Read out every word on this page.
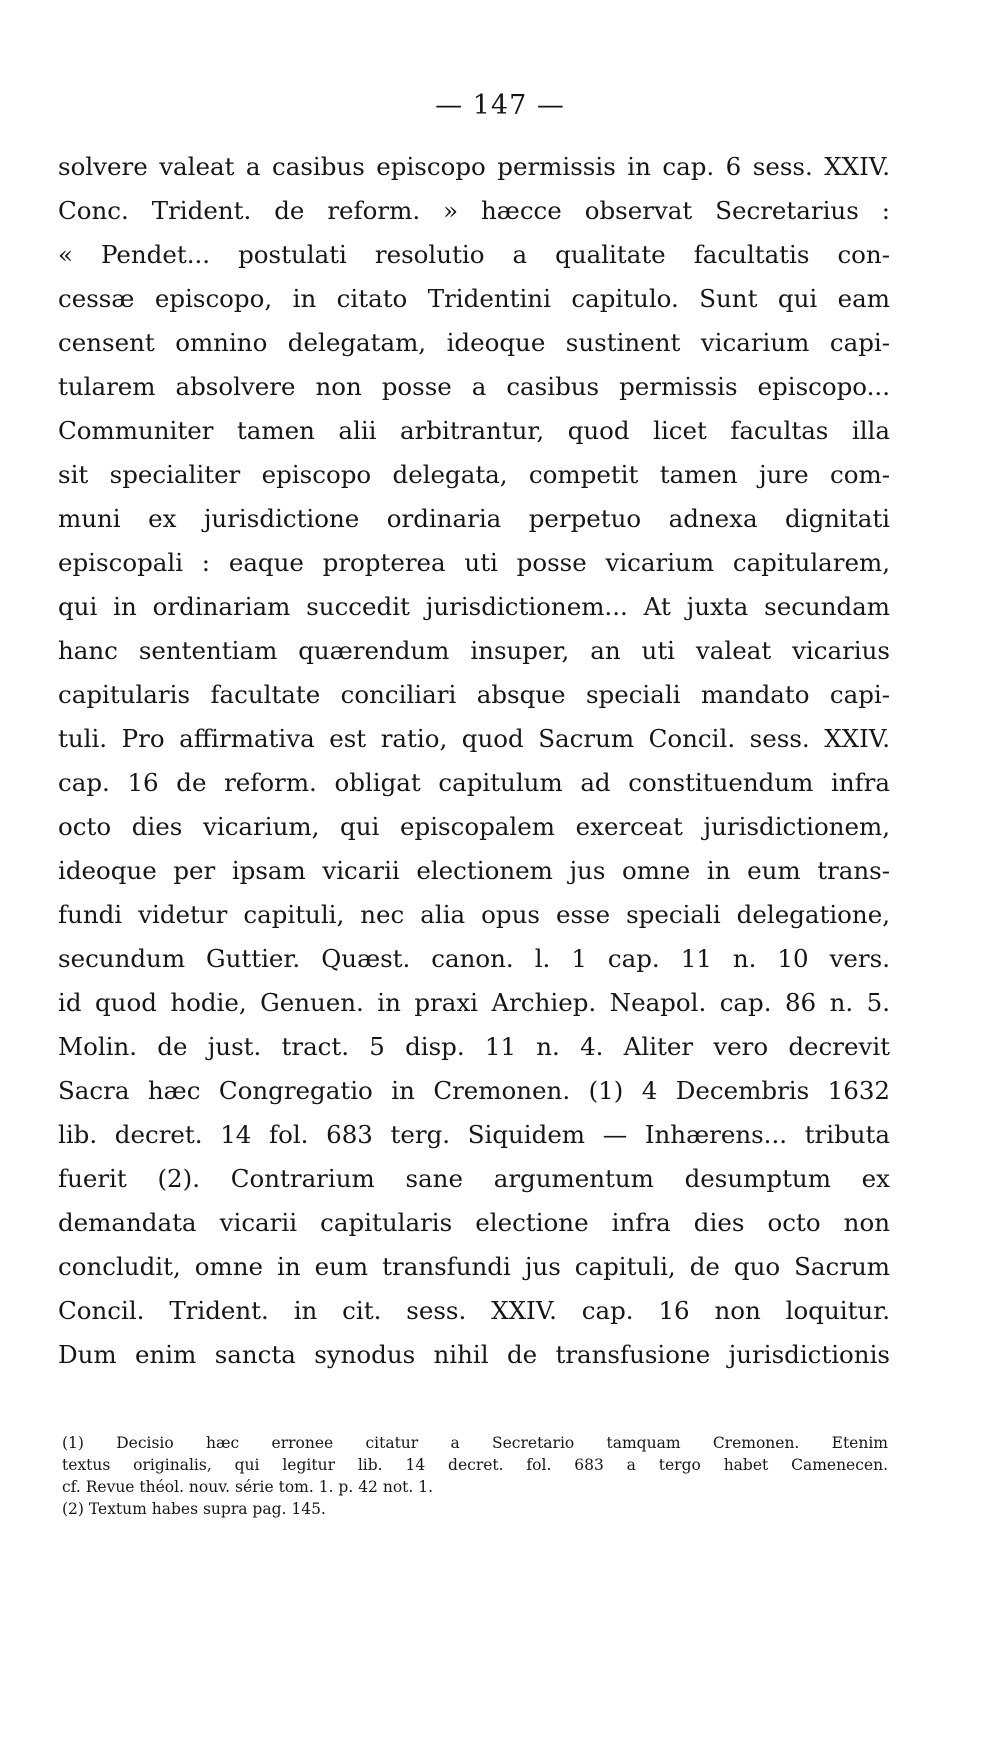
— 147 —
solvere valeat a casibus episcopo permissis in cap. 6 sess. XXIV.
Conc. Trident. de reform. » hæcce observat Secretarius :
« Pendet... postulati resolutio a qualitate facultatis con-
cessæ episcopo, in citato Tridentini capitulo. Sunt qui eam
censent omnino delegatam, ideoque sustinent vicarium capi-
tularem absolvere non posse a casibus permissis episcopo...
Communiter tamen alii arbitrantur, quod licet facultas illa
sit specialiter episcopo delegata, competit tamen jure com-
muni ex jurisdictione ordinaria perpetuo adnexa dignitati
episcopali : eaque propterea uti posse vicarium capitularem,
qui in ordinariam succedit jurisdictionem... At juxta secundam
hanc sententiam quærendum insuper, an uti valeat vicarius
capitularis facultate conciliari absque speciali mandato capi-
tuli. Pro affirmativa est ratio, quod Sacrum Concil. sess. XXIV.
cap. 16 de reform. obligat capitulum ad constituendum infra
octo dies vicarium, qui episcopalem exerceat jurisdictionem,
ideoque per ipsam vicarii electionem jus omne in eum trans-
fundi videtur capituli, nec alia opus esse speciali delegatione,
secundum Guttier. Quæst. canon. l. 1 cap. 11 n. 10 vers.
id quod hodie, Genuen. in praxi Archiep. Neapol. cap. 86 n. 5.
Molin. de just. tract. 5 disp. 11 n. 4. Aliter vero decrevit
Sacra hæc Congregatio in Cremonen. (1) 4 Decembris 1632
lib. decret. 14 fol. 683 terg. Siquidem — Inhærens... tributa
fuerit (2). Contrarium sane argumentum desumptum ex
demandata vicarii capitularis electione infra dies octo non
concludit, omne in eum transfundi jus capituli, de quo Sacrum
Concil. Trident. in cit. sess. XXIV. cap. 16 non loquitur.
Dum enim sancta synodus nihil de transfusione jurisdictionis
(1) Decisio hæc erronee citatur a Secretario tamquam Cremonen. Etenim
textus originalis, qui legitur lib. 14 decret. fol. 683 a tergo habet Camenecen.
cf. Revue théol. nouv. série tom. 1. p. 42 not. 1.
(2) Textum habes supra pag. 145.
